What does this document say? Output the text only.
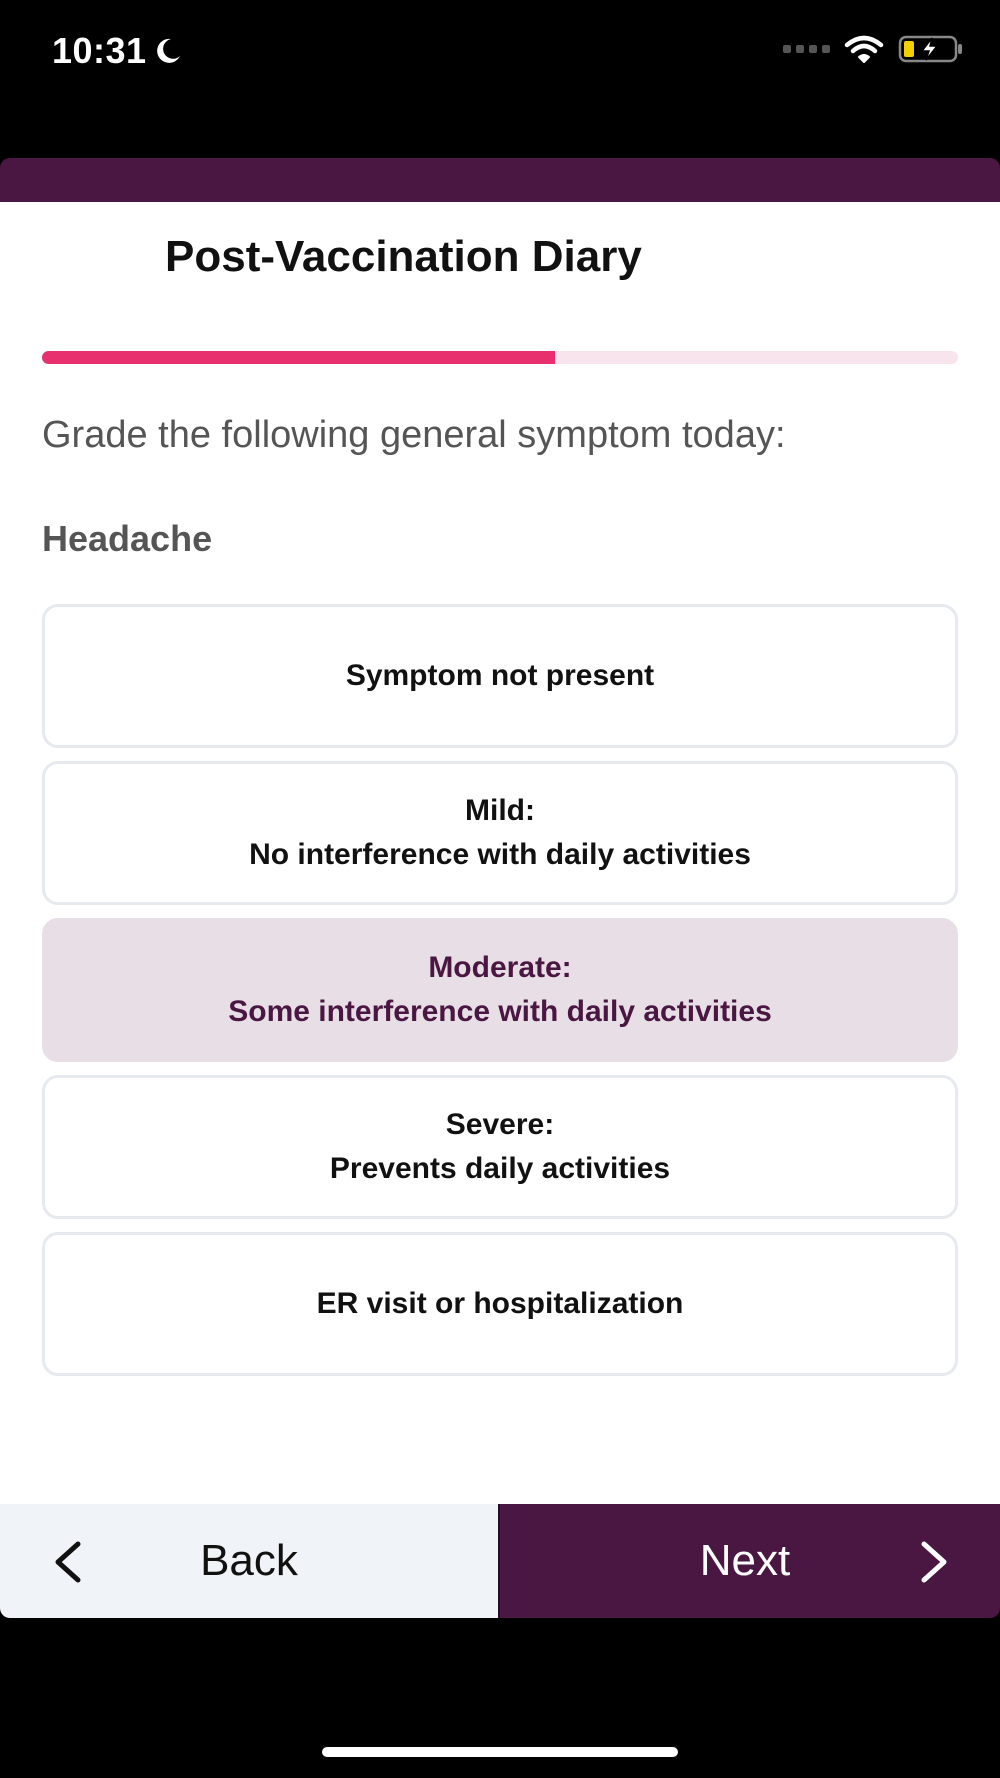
10:31
Post-Vaccination Diary
Grade the following general symptom today:
Headache
Symptom not present
Mild:
No interference with daily activities
Moderate:
Some interference with daily activities
Severe:
Prevents daily activities
ER visit or hospitalization
Back	Next
